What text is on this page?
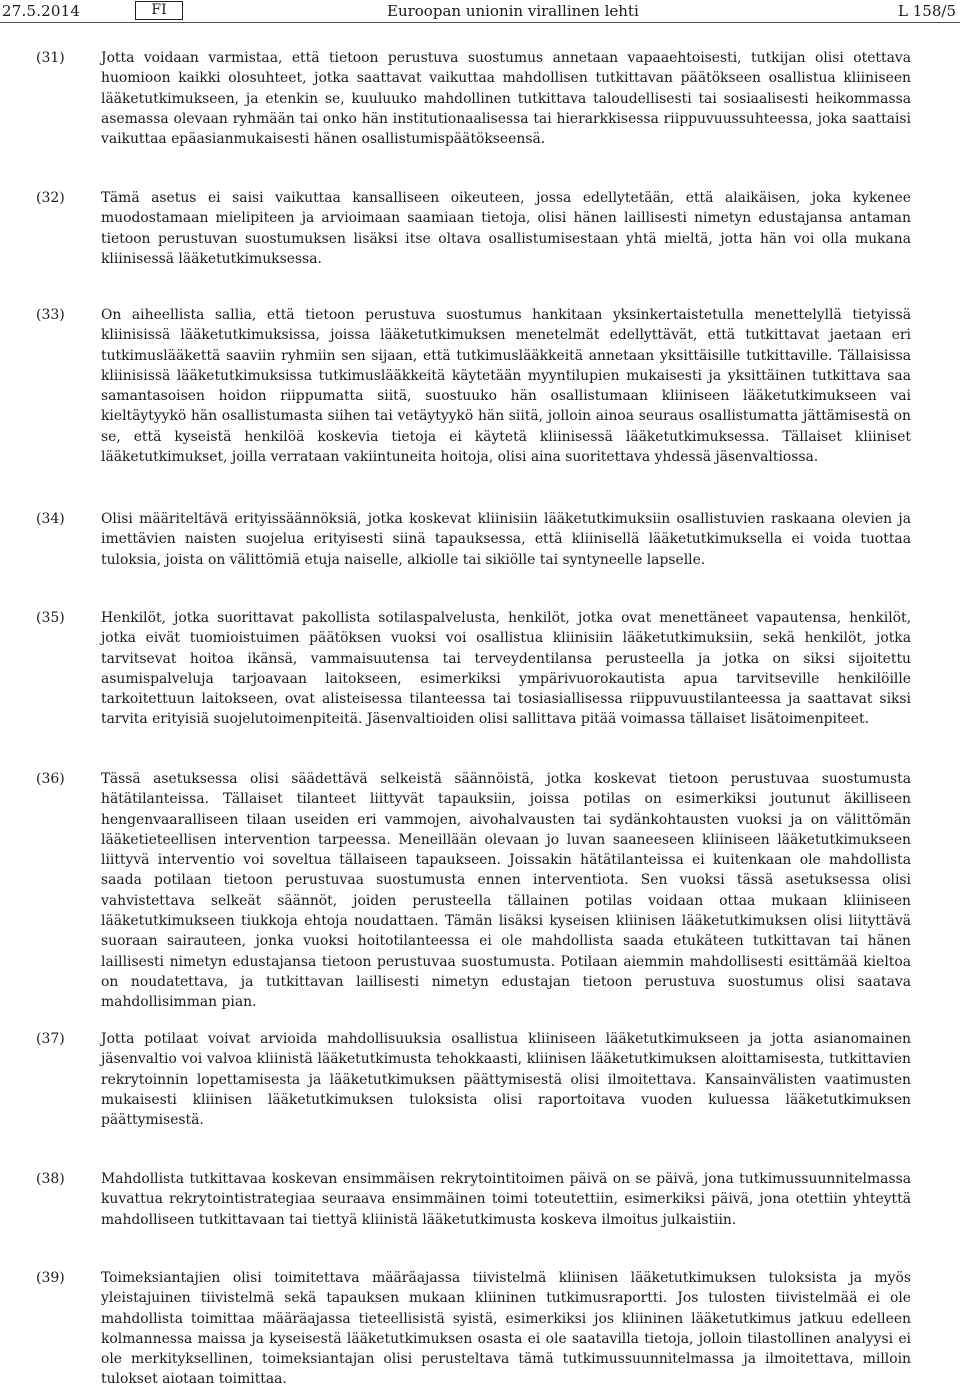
27.5.2014	FI	Euroopan unionin virallinen lehti	L 158/5
(31)	Jotta voidaan varmistaa, että tietoon perustuva suostumus annetaan vapaaehtoisesti, tutkijan olisi otettava huomioon kaikki olosuhteet, jotka saattavat vaikuttaa mahdollisen tutkittavan päätökseen osallistua kliiniseen lääketutkimukseen, ja etenkin se, kuuluuko mahdollinen tutkittava taloudellisesti tai sosiaalisesti heikommassa asemassa olevaan ryhmään tai onko hän institutionaalisessa tai hierarkkisessa riippuvuussuhteessa, joka saattaisi vaikuttaa epäasianmukaisesti hänen osallistumispäätökseensä.
(32)	Tämä asetus ei saisi vaikuttaa kansalliseen oikeuteen, jossa edellytetään, että alaikäisen, joka kykenee muodostamaan mielipiteen ja arvioimaan saamiaan tietoja, olisi hänen laillisesti nimetyn edustajansa antaman tietoon perustuvan suostumuksen lisäksi itse oltava osallistumisestaan yhtä mieltä, jotta hän voi olla mukana kliinisessä lääketutkimuksessa.
(33)	On aiheellista sallia, että tietoon perustuva suostumus hankitaan yksinkertaistetulla menettelyllä tietyissä kliinisissä lääketutkimuksissa, joissa lääketutkimuksen menetelmät edellyttävät, että tutkittavat jaetaan eri tutkimuslääkettä saaviin ryhmiin sen sijaan, että tutkimuslääkkeitä annetaan yksittäisille tutkittaville. Tällaisissa kliinisissä lääketutkimuksissa tutkimuslääkkeitä käytetään myyntilupien mukaisesti ja yksittäinen tutkittava saa samantasoisen hoidon riippumatta siitä, suostuuko hän osallistumaan kliiniseen lääketutkimukseen vai kieltäytyykö hän osallistumasta siihen tai vetäytyykö hän siitä, jolloin ainoa seuraus osallistumatta jättämisestä on se, että kyseistä henkilöä koskevia tietoja ei käytetä kliinisessä lääketutkimuksessa. Tällaiset kliiniset lääketutkimukset, joilla verrataan vakiintuneita hoitoja, olisi aina suoritettava yhdessä jäsenvaltiossa.
(34)	Olisi määriteltävä erityissäännöksiä, jotka koskevat kliinisiin lääketutkimuksiin osallistuvien raskaana olevien ja imettävien naisten suojelua erityisesti siinä tapauksessa, että kliinisellä lääketutkimuksella ei voida tuottaa tuloksia, joista on välittömiä etuja naiselle, alkiolle tai sikiölle tai syntyneelle lapselle.
(35)	Henkilöt, jotka suorittavat pakollista sotilaspalvelusta, henkilöt, jotka ovat menettäneet vapautensa, henkilöt, jotka eivät tuomioistuimen päätöksen vuoksi voi osallistua kliinisiin lääketutkimuksiin, sekä henkilöt, jotka tarvitsevat hoitoa ikänsä, vammaisuutensa tai terveydentilansa perusteella ja jotka on siksi sijoitettu asumispalveluja tarjoavaan laitokseen, esimerkiksi ympärivuorokautista apua tarvitseville henkilöille tarkoitettuun laitokseen, ovat alisteisessa tilanteessa tai tosiasiallisessa riippuvuustilanteessa ja saattavat siksi tarvita erityisiä suojelutoimenpiteitä. Jäsenvaltioiden olisi sallittava pitää voimassa tällaiset lisätoimenpiteet.
(36)	Tässä asetuksessa olisi säädettävä selkeistä säännöistä, jotka koskevat tietoon perustuvaa suostumusta hätätilanteissa. Tällaiset tilanteet liittyvät tapauksiin, joissa potilas on esimerkiksi joutunut äkilliseen hengenvaaralliseen tilaan useiden eri vammojen, aivohalvausten tai sydänkohtausten vuoksi ja on välittömän lääketieteellisen intervention tarpeessa. Meneillään olevaan jo luvan saaneeseen kliiniseen lääketutkimukseen liittyvä interventio voi soveltua tällaiseen tapaukseen. Joissakin hätätilanteissa ei kuitenkaan ole mahdollista saada potilaan tietoon perustuvaa suostumusta ennen interventiota. Sen vuoksi tässä asetuksessa olisi vahvistettava selkeät säännöt, joiden perusteella tällainen potilas voidaan ottaa mukaan kliiniseen lääketutkimukseen tiukkoja ehtoja noudattaen. Tämän lisäksi kyseisen kliinisen lääketutkimuksen olisi liityttävä suoraan sairauteen, jonka vuoksi hoitotilanteessa ei ole mahdollista saada etukäteen tutkittavan tai hänen laillisesti nimetyn edustajansa tietoon perustuvaa suostumusta. Potilaan aiemmin mahdollisesti esittämää kieltoa on noudatettava, ja tutkittavan laillisesti nimetyn edustajan tietoon perustuva suostumus olisi saatava mahdollisimman pian.
(37)	Jotta potilaat voivat arvioida mahdollisuuksia osallistua kliiniseen lääketutkimukseen ja jotta asianomainen jäsenvaltio voi valvoa kliinistä lääketutkimusta tehokkaasti, kliinisen lääketutkimuksen aloittamisesta, tutkittavien rekrytoinnin lopettamisesta ja lääketutkimuksen päättymisestä olisi ilmoitettava. Kansainvälisten vaatimusten mukaisesti kliinisen lääketutkimuksen tuloksista olisi raportoitava vuoden kuluessa lääketutkimuksen päättymisestä.
(38)	Mahdollista tutkittavaa koskevan ensimmäisen rekrytointitoimen päivä on se päivä, jona tutkimussuunnitelmassa kuvattua rekrytointistrategiaa seuraava ensimmäinen toimi toteutettiin, esimerkiksi päivä, jona otettiin yhteyttä mahdolliseen tutkittavaan tai tiettyä kliinistä lääketutkimusta koskeva ilmoitus julkaistiin.
(39)	Toimeksiantajien olisi toimitettava määräajassa tiivistelmä kliinisen lääketutkimuksen tuloksista ja myös yleistajuinen tiivistelmä sekä tapauksen mukaan kliininen tutkimusraportti. Jos tulosten tiivistelmää ei ole mahdollista toimittaa määräajassa tieteellisistä syistä, esimerkiksi jos kliininen lääketutkimus jatkuu edelleen kolmannessa maissa ja kyseisestä lääketutkimuksen osasta ei ole saatavilla tietoja, jolloin tilastollinen analyysi ei ole merkityksellinen, toimeksiantajan olisi perusteltava tämä tutkimussuunnitelmassa ja ilmoitettava, milloin tulokset aiotaan toimittaa.
